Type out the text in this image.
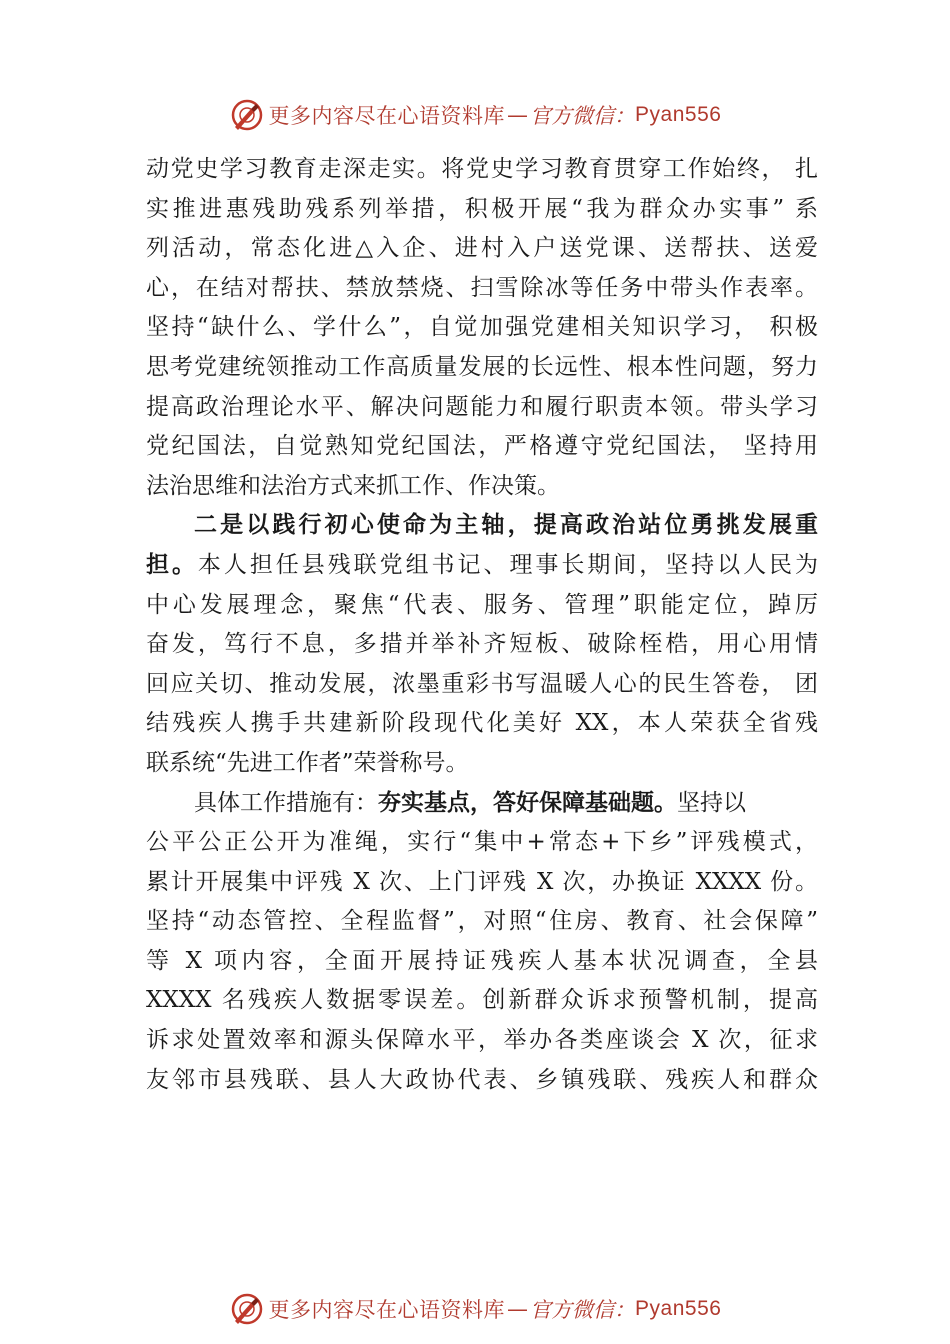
更多内容尽在心语资料库 — 官方微信： Pyan556
动党史学习教育走深走实。将党史学习教育贯穿工作始终， 扎
实推进惠残助残系列举措，积极开展“我为群众办实事” 系
列活动，常态化进△入企、进村入户送党课、送帮扶、送爱
心，在结对帮扶、禁放禁烧、扫雪除冰等任务中带头作表率。
坚持“缺什么、学什么”，自觉加强党建相关知识学习， 积极
思考党建统领推动工作高质量发展的长远性、根本性问题，努力
提高政治理论水平、解决问题能力和履行职责本领。带头学习
党纪国法，自觉熟知党纪国法，严格遵守党纪国法， 坚持用
法治思维和法治方式来抓工作、作决策。
二是以践行初心使命为主轴，提高政治站位勇挑发展重
担。本人担任县残联党组书记、理事长期间，坚持以人民为
中心发展理念，聚焦“代表、服务、管理”职能定位，踔厉
奋发，笃行不息，多措并举补齐短板、破除桎梏，用心用情
回应关切、推动发展，浓墨重彩书写温暖人心的民生答卷， 团
结残疾人携手共建新阶段现代化美好 XX，本人荣获全省残
联系统“先进工作者”荣誉称号。
具体工作措施有：夯实基点，答好保障基础题。坚持以
公平公正公开为准绳，实行“集中+常态+下乡”评残模式，
累计开展集中评残 X 次、上门评残 X 次，办换证 XXXX 份。
坚持“动态管控、全程监督”，对照“住房、教育、社会保障”
等 X 项内容，全面开展持证残疾人基本状况调查，全县
XXXX 名残疾人数据零误差。创新群众诉求预警机制，提高
诉求处置效率和源头保障水平，举办各类座谈会 X 次，征求
友邻市县残联、县人大政协代表、乡镇残联、残疾人和群众
更多内容尽在心语资料库 — 官方微信： Pyan556
